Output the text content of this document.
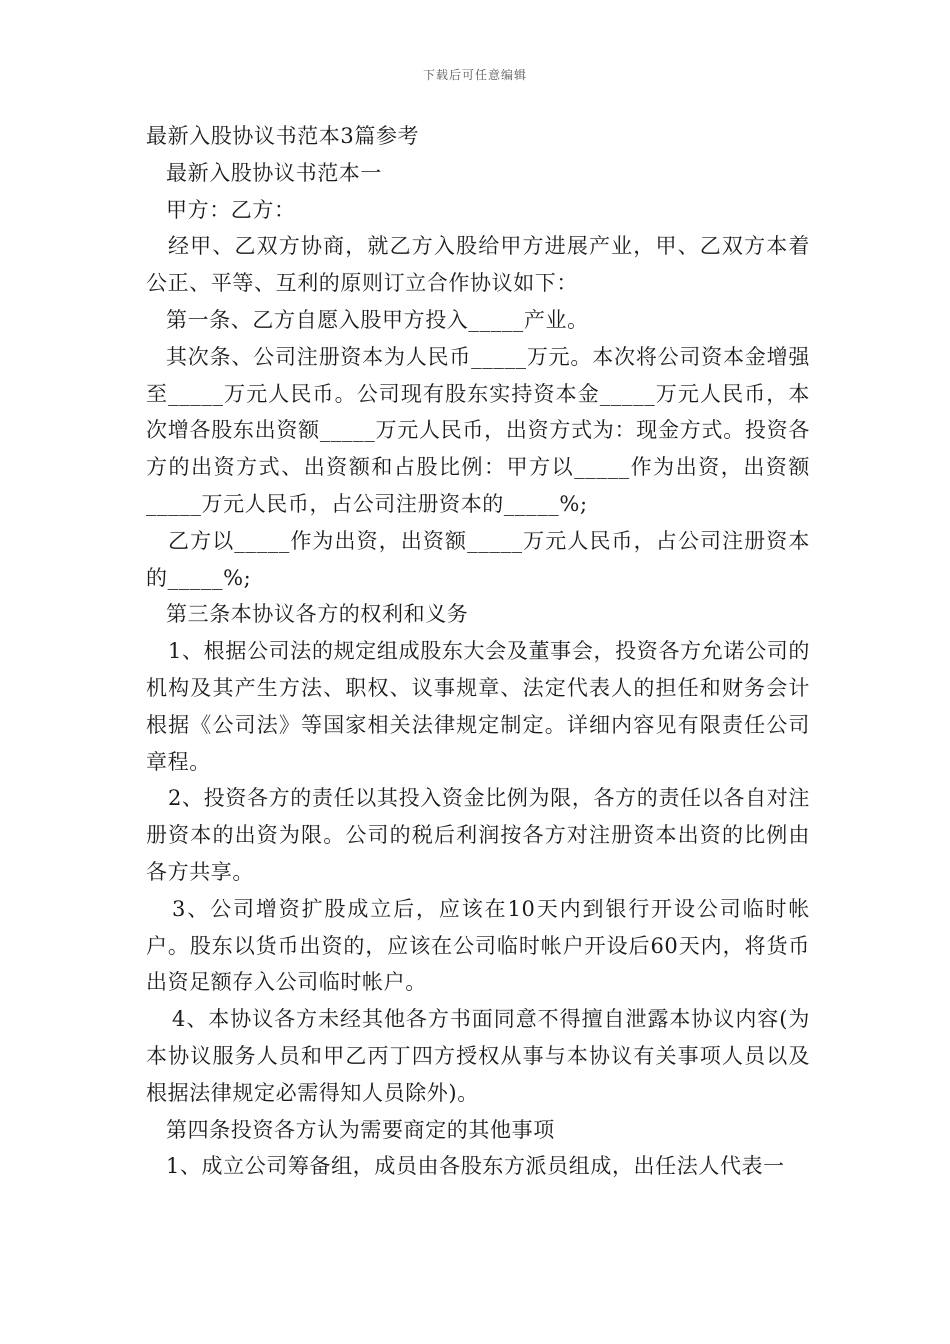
下载后可任意编辑

最新入股协议书范本3篇参考

最新入股协议书范本一

甲方：乙方：

经甲、乙双方协商，就乙方入股给甲方进展产业，甲、乙双方本着公正、平等、互利的原则订立合作协议如下：

第一条、乙方自愿入股甲方投入_____产业。

其次条、公司注册资本为人民币_____万元。本次将公司资本金增强至_____万元人民币。公司现有股东实持资本金_____万元人民币，本次增各股东出资额_____万元人民币，出资方式为：现金方式。投资各方的出资方式、出资额和占股比例：甲方以_____作为出资，出资额_____万元人民币，占公司注册资本的_____%;

乙方以_____作为出资，出资额_____万元人民币，占公司注册资本的_____%;

第三条本协议各方的权利和义务

1、根据公司法的规定组成股东大会及董事会，投资各方允诺公司的机构及其产生方法、职权、议事规章、法定代表人的担任和财务会计根据《公司法》等国家相关法律规定制定。详细内容见有限责任公司章程。

2、投资各方的责任以其投入资金比例为限，各方的责任以各自对注册资本的出资为限。公司的税后利润按各方对注册资本出资的比例由各方共享。

3、公司增资扩股成立后，应该在10天内到银行开设公司临时帐户。股东以货币出资的，应该在公司临时帐户开设后60天内，将货币出资足额存入公司临时帐户。

4、本协议各方未经其他各方书面同意不得擅自泄露本协议内容(为本协议服务人员和甲乙丙丁四方授权从事与本协议有关事项人员以及根据法律规定必需得知人员除外)。

第四条投资各方认为需要商定的其他事项

1、成立公司筹备组，成员由各股东方派员组成，出任法人代表一
